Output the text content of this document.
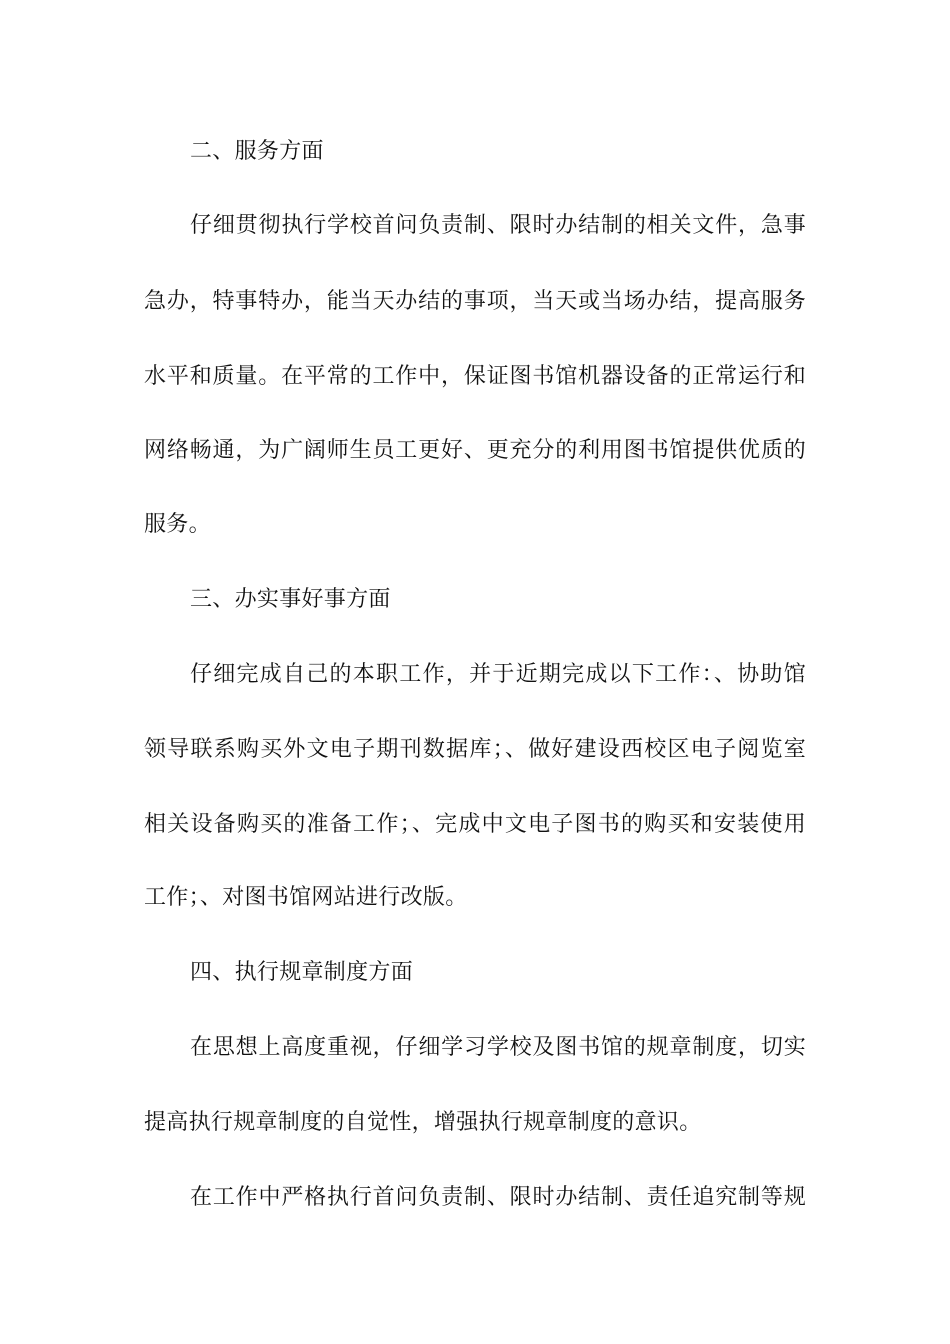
二、服务方面
仔细贯彻执行学校首问负责制、限时办结制的相关文件，急事
急办，特事特办，能当天办结的事项，当天或当场办结，提高服务
水平和质量。在平常的工作中，保证图书馆机器设备的正常运行和
网络畅通，为广阔师生员工更好、更充分的利用图书馆提供优质的
服务。
三、办实事好事方面
仔细完成自己的本职工作，并于近期完成以下工作：、协助馆
领导联系购买外文电子期刊数据库；、做好建设西校区电子阅览室
相关设备购买的准备工作；、完成中文电子图书的购买和安装使用
工作；、对图书馆网站进行改版。
四、执行规章制度方面
在思想上高度重视，仔细学习学校及图书馆的规章制度，切实
提高执行规章制度的自觉性，增强执行规章制度的意识。
在工作中严格执行首问负责制、限时办结制、责任追究制等规
